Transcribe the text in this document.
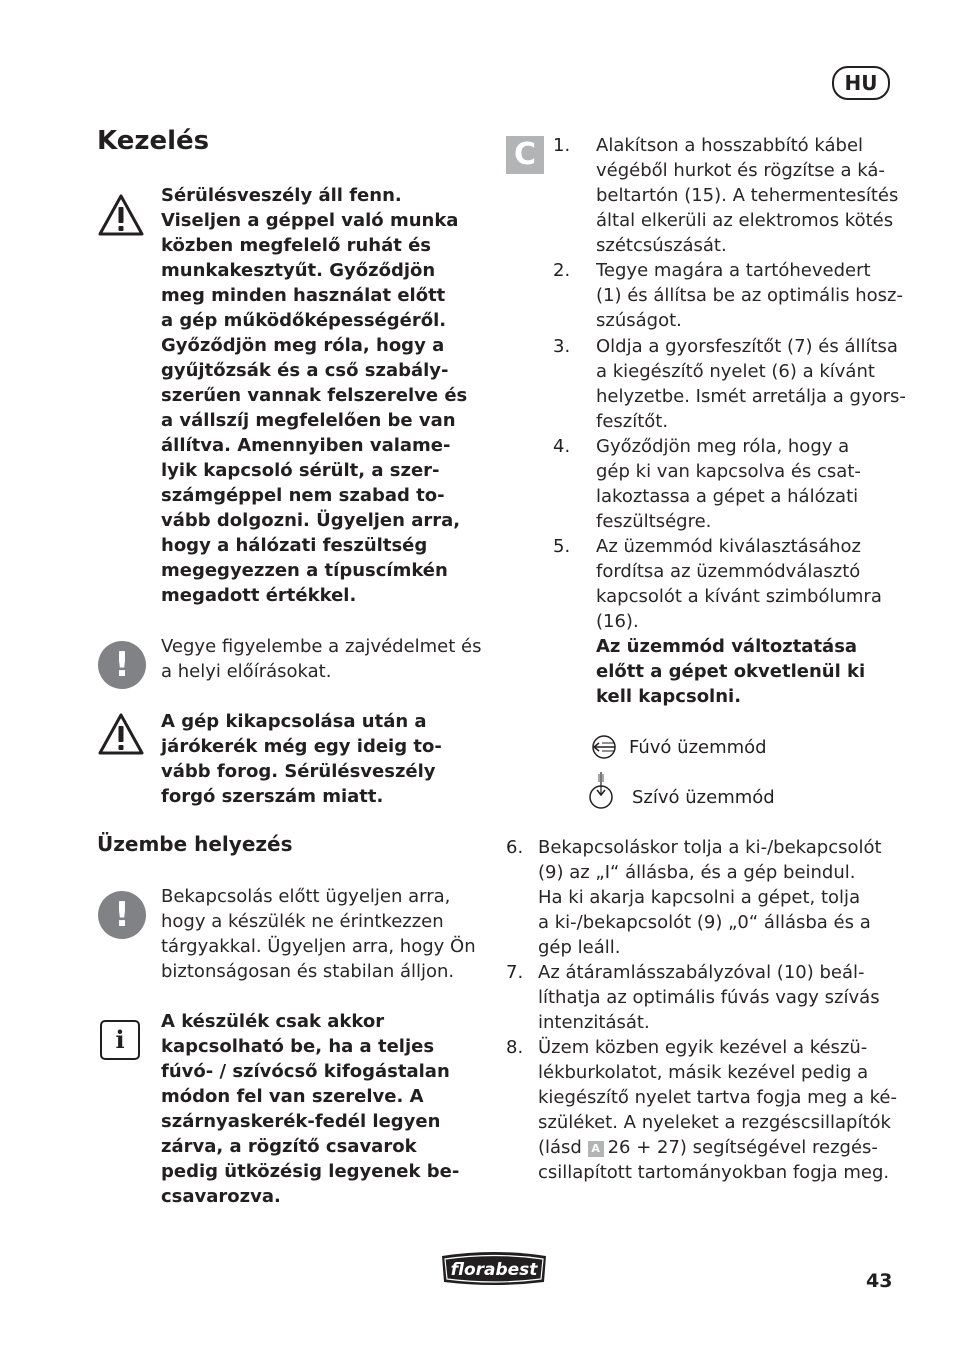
HU
Kezelés
Sérülésveszély áll fenn.
Viseljen a géppel való munka
közben megfelelő ruhát és
munkakesztyűt. Győződjön
meg minden használat előtt
a gép működőképességéről.
Győződjön meg róla, hogy a
gyűjtőzsák és a cső szabály-
szerűen vannak felszerelve és
a vállszíj megfelelően be van
állítva. Amennyiben valame-
lyik kapcsoló sérült, a szer-
számgéppel nem szabad to-
vább dolgozni. Ügyeljen arra,
hogy a hálózati feszültség
megegyezzen a típuscímkén
megadott értékkel.
!	Vegye figyelembe a zajvédelmet és
a helyi előírásokat.
A gép kikapcsolása után a
járókerék még egy ideig to-
vább forog. Sérülésveszély
forgó szerszám miatt.
Üzembe helyezés
!	Bekapcsolás előtt ügyeljen arra,
hogy a készülék ne érintkezzen
tárgyakkal. Ügyeljen arra, hogy Ön
biztonságosan és stabilan álljon.
i
A készülék csak akkor
kapcsolható be, ha a teljes
fúvó- / szívócső kifogástalan
módon fel van szerelve. A
szárnyaskerék-fedél legyen
zárva, a rögzítő csavarok
pedig ütközésig legyenek be-
csavarozva.
C 1. Alakítson a hosszabbító kábel
végéből hurkot és rögzítse a ká-
beltartón (15). A tehermentesítés
által elkerüli az elektromos kötés
szétcsúszását.
2. Tegye magára a tartóhevedert
(1) és állítsa be az optimális hosz-
szúságot.
3. Oldja a gyorsfeszítőt (7) és állítsa
a kiegészítő nyelet (6) a kívánt
helyzetbe. Ismét arretálja a gyors-
feszítőt.
4. Győződjön meg róla, hogy a
gép ki van kapcsolva és csat-
lakoztassa a gépet a hálózati
feszültségre.
5. Az üzemmód kiválasztásához
fordítsa az üzemmódválasztó
kapcsolót a kívánt szimbólumra
(16).
Az üzemmód változtatása
előtt a gépet okvetlenül ki
kell kapcsolni.
Fúvó üzemmód
Szívó üzemmód
6. Bekapcsoláskor tolja a ki-/bekapcsolót
(9) az „I“ állásba, és a gép beindul.
Ha ki akarja kapcsolni a gépet, tolja
a ki-/bekapcsolót (9) „0“ állásba és a
gép leáll.
7. Az átáramlásszabályzóval (10) beál-
líthatja az optimális fúvás vagy szívás
intenzitását.
8. Üzem közben egyik kezével a készü-
lékburkolatot, másik kezével pedig a
kiegészítő nyelet tartva fogja meg a ké-
szüléket. A nyeleket a rezgéscsillapítók
(lásd A 26 + 27) segítségével rezgés-
csillapított tartományokban fogja meg.
florabest	43
